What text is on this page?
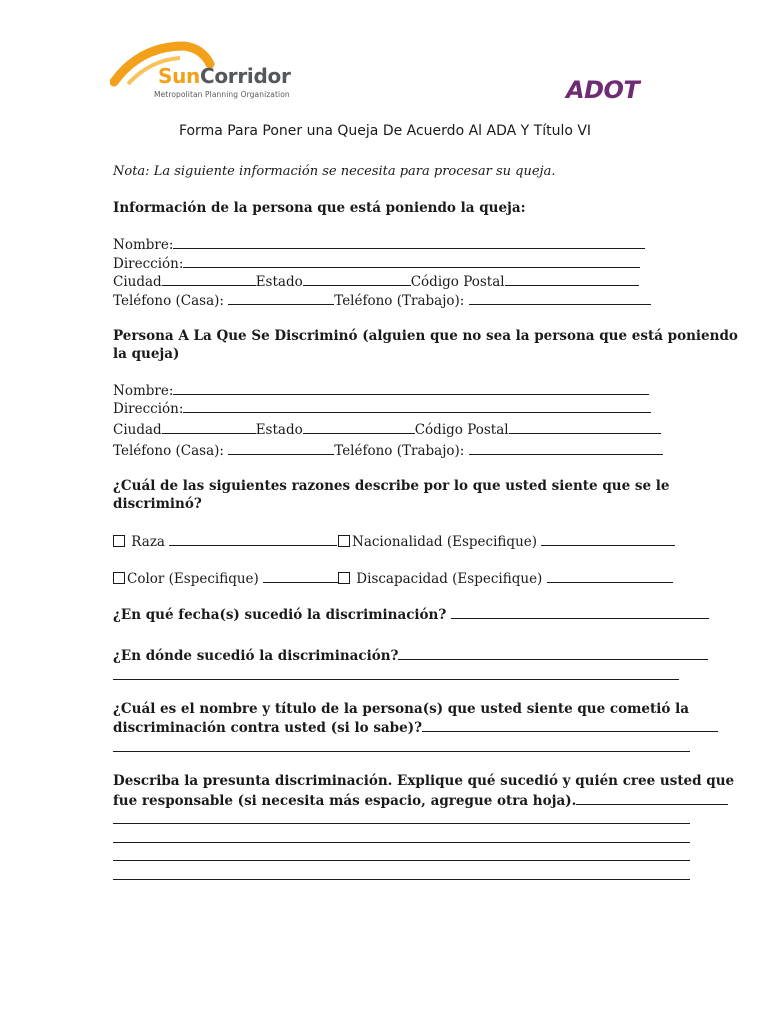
SunCorridor
Metropolitan Planning Organization	ADOT
Forma Para Poner una Queja De Acuerdo Al ADA Y Título VI
Nota: La siguiente información se necesita para procesar su queja.
Información de la persona que está poniendo la queja:
Nombre:
Dirección:
Ciudad	Estado	Código Postal
Teléfono (Casa):	Teléfono (Trabajo):
Persona A La Que Se Discriminó (alguien que no sea la persona que está poniendo
la queja)
Nombre:
Dirección:
Ciudad	Estado	Código Postal
Teléfono (Casa):	Teléfono (Trabajo):
¿Cuál de las siguientes razones describe por lo que usted siente que se le
discriminó?
Raza	Nacionalidad (Especifique)
Color (Especifique)	Discapacidad (Especifique)
¿En qué fecha(s) sucedió la discriminación?
¿En dónde sucedió la discriminación?
¿Cuál es el nombre y título de la persona(s) que usted siente que cometió la
discriminación contra usted (si lo sabe)?
Describa la presunta discriminación. Explique qué sucedió y quién cree usted que
fue responsable (si necesita más espacio, agregue otra hoja).
